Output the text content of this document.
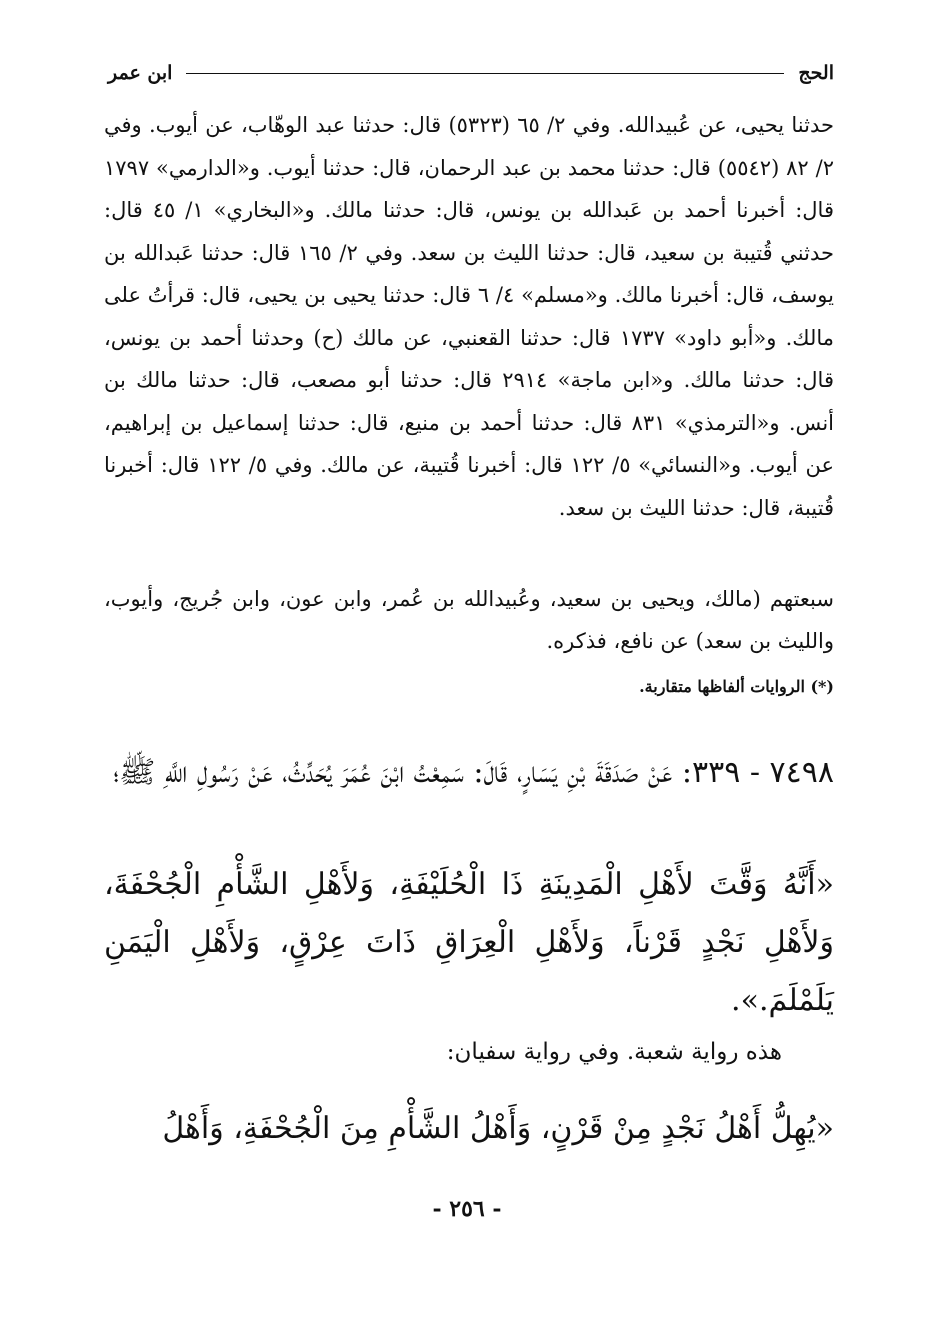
الحج
ابن عمر

حدثنا يحيى، عن عُبيدالله. وفي ٢/ ٦٥ (٥٣٢٣) قال: حدثنا عبد الوهّاب، عن أيوب. وفي ٢/ ٨٢ (٥٥٤٢) قال: حدثنا محمد بن عبد الرحمان، قال: حدثنا أيوب. و«الدارمي» ١٧٩٧ قال: أخبرنا أحمد بن عَبدالله بن يونس، قال: حدثنا مالك. و«البخاري» ١/ ٤٥ قال: حدثني قُتيبة بن سعيد، قال: حدثنا الليث بن سعد. وفي ٢/ ١٦٥ قال: حدثنا عَبدالله بن يوسف، قال: أخبرنا مالك. و«مسلم» ٤/ ٦ قال: حدثنا يحيى بن يحيى، قال: قرأتُ على مالك. و«أبو داود» ١٧٣٧ قال: حدثنا القعنبي، عن مالك (ح) وحدثنا أحمد بن يونس، قال: حدثنا مالك. و«ابن ماجة» ٢٩١٤ قال: حدثنا أبو مصعب، قال: حدثنا مالك بن أنس. و«الترمذي» ٨٣١ قال: حدثنا أحمد بن منيع، قال: حدثنا إسماعيل بن إبراهيم، عن أيوب. و«النسائي» ٥/ ١٢٢ قال: أخبرنا قُتيبة، عن مالك. وفي ٥/ ١٢٢ قال: أخبرنا قُتيبة، قال: حدثنا الليث بن سعد.

سبعتهم (مالك، ويحيى بن سعيد، وعُبيدالله بن عُمر، وابن عون، وابن جُريج، وأيوب، والليث بن سعد) عن نافع، فذكره.

(*) الروايات ألفاظها متقاربة.

٧٤٩٨ - ٣٣٩: عَنْ صَدَقَةَ بْنِ يَسَارٍ، قَالَ: سَمِعْتُ ابْنَ عُمَرَ يُحَدِّثُ، عَنْ رَسُولِ اللَّهِ ﷺ؛

«أَنَّهُ وَقَّتَ لأَهْلِ الْمَدِينَةِ ذَا الْحُلَيْفَةِ، وَلأَهْلِ الشَّأْمِ الْجُحْفَةَ، وَلأَهْلِ نَجْدٍ قَرْناً، وَلأَهْلِ الْعِرَاقِ ذَاتَ عِرْقٍ، وَلأَهْلِ الْيَمَنِ يَلَمْلَمَ.».

هذه رواية شعبة. وفي رواية سفيان:

«يُهِلُّ أَهْلُ نَجْدٍ مِنْ قَرْنٍ، وَأَهْلُ الشَّأْمِ مِنَ الْجُحْفَةِ، وَأَهْلُ

- ٢٥٦ -
